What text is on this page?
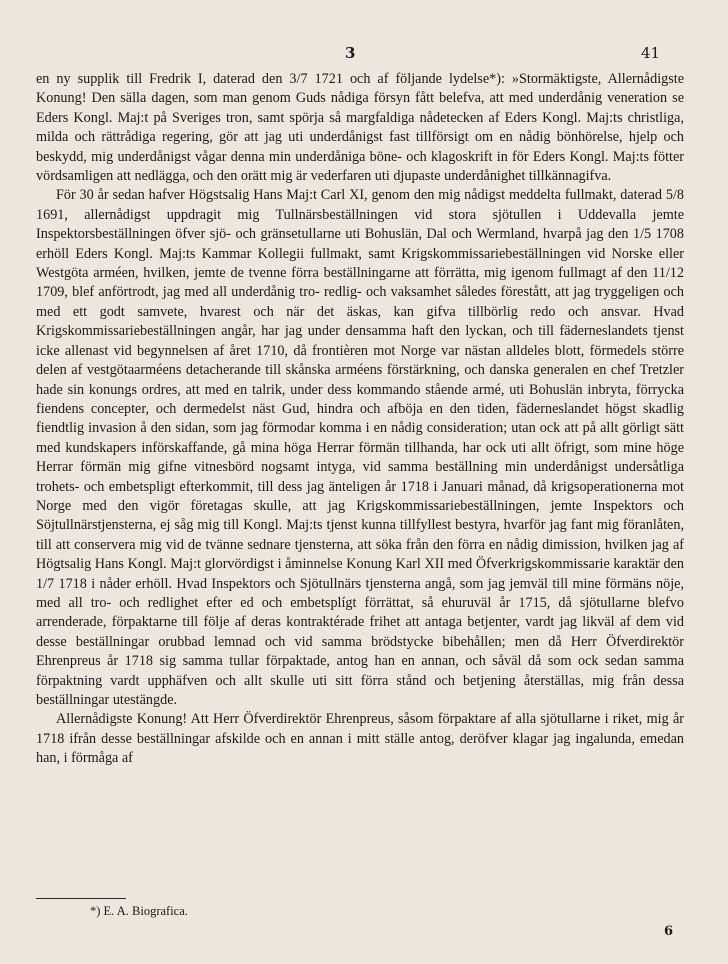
3	41

en ny supplik till Fredrik I, daterad den 3/7 1721 och af följande lydelse*): »Stormäktigste, Allernådigste Konung! Den sälla dagen, som man genom Guds nådiga försyn fått belefva, att med underdånig veneration se Eders Kongl. Maj:t på Sveriges tron, samt spörja så margfaldiga nådetecken af Eders Kongl. Maj:ts christliga, milda och rättrådiga regering, gör att jag uti underdånigst fast tillförsigt om en nådig bönhörelse, hjelp och beskydd, mig underdånigst vågar denna min underdåniga böne- och klagoskrift in för Eders Kongl. Maj:ts fötter vördsamligen att nedlägga, och den orätt mig är vederfaren uti djupaste underdånighet tillkännagifva.

För 30 år sedan hafver Högstsalig Hans Maj:t Carl XI, genom den mig nådigst meddelta fullmakt, daterad 5/8 1691, allernådigst uppdragit mig Tullnärsbeställningen vid stora sjötullen i Uddevalla jemte Inspektorsbeställningen öfver sjö- och gränsetullarne uti Bohuslän, Dal och Wermland, hvarpå jag den 1/5 1708 erhöll Eders Kongl. Maj:ts Kammar Kollegii fullmakt, samt Krigskommissariebeställningen vid Norske eller Westgöta arméen, hvilken, jemte de tvenne förra beställningarne att förrätta, mig igenom fullmagt af den 11/12 1709, blef anförtrodt, jag med all underdånig tro- redlig- och vaksamhet således förestått, att jag tryggeligen och med ett godt samvete, hvarest och när det äskas, kan gifva tillbörlig redo och ansvar. Hvad Krigskommissariebeställningen angår, har jag under densamma haft den lyckan, och till fäderneslandets tjenst icke allenast vid begynnelsen af året 1710, då frontièren mot Norge var nästan alldeles blott, förmedels större delen af vestgötaarméens detacherande till skånska arméens förstärkning, och danska generalen en chef Tretzler hade sin konungs ordres, att med en talrik, under dess kommando stående armé, uti Bohuslän inbryta, förrycka fiendens concepter, och dermedelst näst Gud, hindra och afböja en den tiden, fäderneslandet högst skadlig fiendtlig invasion å den sidan, som jag förmodar komma i en nådig consideration; utan ock att på allt görligt sätt med kundskapers införskaffande, gå mina höga Herrar förmän tillhanda, har ock uti allt öfrigt, som mine höge Herrar förmän mig gifne vitnesbörd nogsamt intyga, vid samma beställning min underdånigst undersåtliga trohets- och embetspligt efterkommit, till dess jag änteligen år 1718 i Januari månad, då krigsoperationerna mot Norge med den vigör företagas skulle, att jag Krigskommissariebeställningen, jemte Inspektors och Söjtullnärstjensterna, ej såg mig till Kongl. Maj:ts tjenst kunna tillfyllest bestyra, hvarför jag fant mig föranlåten, till att conservera mig vid de tvänne sednare tjensterna, att söka från den förra en nådig dimission, hvilken jag af Högtsalig Hans Kongl. Maj:t glorvördigst i åminnelse Konung Karl XII med Öfverkrigskommissarie karaktär den 1/7 1718 i nåder erhöll. Hvad Inspektors och Sjötullnärs tjensterna angå, som jag jemväl till mine förmäns nöje, med all tro- och redlighet efter ed och embetsplígt förrättat, så ehuruväl år 1715, då sjötullarne blefvo arrenderade, förpaktarne till följe af deras kontraktérade frihet att antaga betjenter, vardt jag likväl af dem vid desse beställningar orubbad lemnad och vid samma brödstycke bibehållen; men då Herr Öfverdirektör Ehrenpreus år 1718 sig samma tullar förpaktade, antog han en annan, och såväl då som ock sedan samma förpaktning vardt upphäfven och allt skulle uti sitt förra stånd och betjening återställas, mig från dessa beställningar utestängde.

Allernådigste Konung! Att Herr Öfverdirektör Ehrenpreus, såsom förpaktare af alla sjötullarne i riket, mig år 1718 ifrån desse beställningar afskilde och en annan i mitt ställe antog, deröfver klagar jag ingalunda, emedan han, i förmåga af

*) E. A. Biografica.
6
